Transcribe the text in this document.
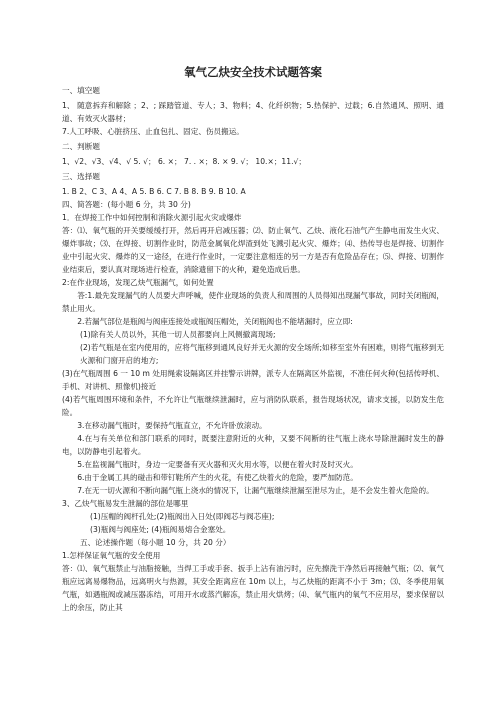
氧气乙炔安全技术试题答案
一、填空题
1、 随意拆弃和解除 ；2、; 踩踏管道、专人；3、物料；4、化纤织物；5.热保护、过载；6.自然通风、照明、通道、有效灭火器材；
7.人工呼吸、心脏挤压、止血包扎、固定、伤员搬运。
二、判断题
1、√2、√3、√4、√ 5. √； 6. ×； 7. . ×；8. × 9. √； 10.×；11.√；
三、选择题
1. B 2、C 3、A 4、A 5. B 6. C 7. B 8. B 9. B 10. A
四、简答题：(每小题 6 分，共 30 分)
1．在焊接工作中如何控制和消除火源引起火灾或爆炸
答：⑴、氧气瓶的开关要缓缓打开，然后再开启减压器；⑵、防止氧气、乙炔、液化石油气产生静电而发生火灾、爆炸事故；⑶、在焊接、切割作业时，防范金属氧化焊渣到处飞溅引起火灾、爆炸；⑷、热传导也是焊接、切割作业中引起火灾、爆炸的又一途径，在进行作业时，一定要注意相连的另一方是否有危险品存在；⑸、焊接、切割作业结束后，要认真对现场进行检查，消除遗留下的火种，避免造成后患。
2:在作业现场，发现乙炔气瓶漏气，如何处置
答:1.最先发现漏气的人员要大声呼喊，使作业现场的负责人和周围的人员得知出现漏气事故，同时关闭瓶阀，禁止用火。
2.若漏气部位是瓶阀与阀座连接处或瓶阀压帽处，关闭瓶阀也不能堵漏时，应立即:
(1)除有关人员以外，其他一切人员都要向上风侧撤离现场;
(2)若气瓶是在室内使用的，应将气瓶移到通风良好并无火源的安全场所;如移至室外有困难，则将气瓶移到无火源和门窗开启的地方;
(3)在气瓶周围 6 一 10 m 处用绳索设隔离区并挂警示讲牌，派专人在隔离区外监视，不准任何火种(包括传呼机、手机、对讲机、照像机)接近
(4)若气瓶周围环境和条件，不允许让气瓶继续泄漏时，应与消防队联系，报告现场状况，请求支援，以防发生危险。
3.在移动漏气瓶时，要保持气瓶直立，不允许卧放滚动。
4.在与有关单位和部门联系的同时，既要注意附近的火种，又要不间断的往气瓶上浇水导除泄漏时发生的静电，以防静电引起着火。
5.在监视漏气瓶时，身边一定要备有灭火器和灭火用水等，以便在着火时及时灭火。
6.由于金属工具的碰击和带钉鞋所产生的火花，有使乙炔着火的危险，要严加防范。
7.在无一切火源和不断向漏气瓶上浇水的情况下，让漏气瓶继续泄漏至泄尽为止，是不会发生着火危险的。
3、乙炔气瓶易发生泄漏的部位是哪里
(1)压帽的阀杆孔处;(2)瓶阀出入日处(即阀芯与阀芯座);
(3)瓶阀与阀座处; (4)瓶阀易熔合金塞处。
五、论述操作题（每小题 10 分，共 20 分）
1.怎样保证氧气瓶的安全使用
答：⑴、氧气瓶禁止与油脂接触，当焊工手或手套、扳手上沾有油污时，应先擦洗干净然后再接触气瓶；⑵、氧气瓶应远离易爆物品，远离明火与热源，其安全距离应在 10m 以上，与乙炔瓶的距离不小于 3m；⑶、冬季使用氧气瓶，如遇瓶阀或减压器冻结，可用开水或蒸汽解冻，禁止用火烘烤；⑷、氧气瓶内的氧气不应用尽，要求保留以上的余压，防止其
